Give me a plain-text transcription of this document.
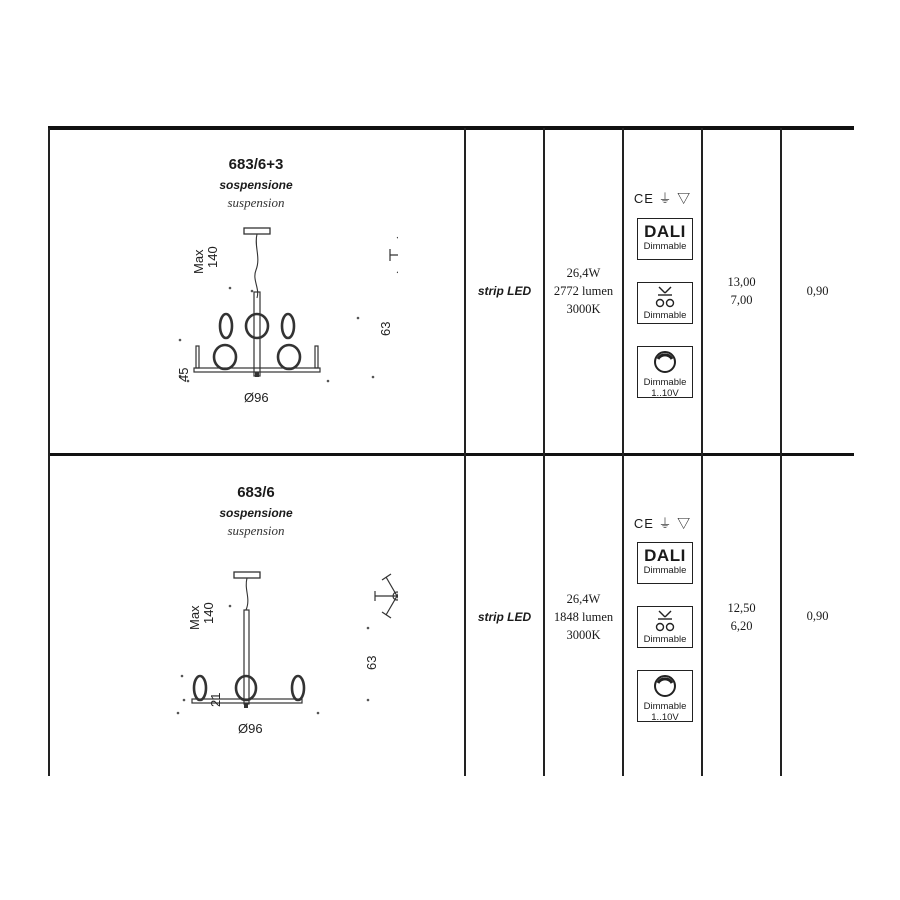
683/6+3
sospensione
suspension
Max 140
45
63
Ø96
strip LED
26,4W
2772 lumen
3000K
CE ⏚ ▽
DALI
Dimmable
Dimmable
Dimmable
1..10V
13,00
7,00
0,90
683/6
sospensione
suspension
Max 140
21
63
Ø96
strip LED
26,4W
1848 lumen
3000K
CE ⏚ ▽
DALI
Dimmable
Dimmable
Dimmable
1..10V
12,50
6,20
0,90
